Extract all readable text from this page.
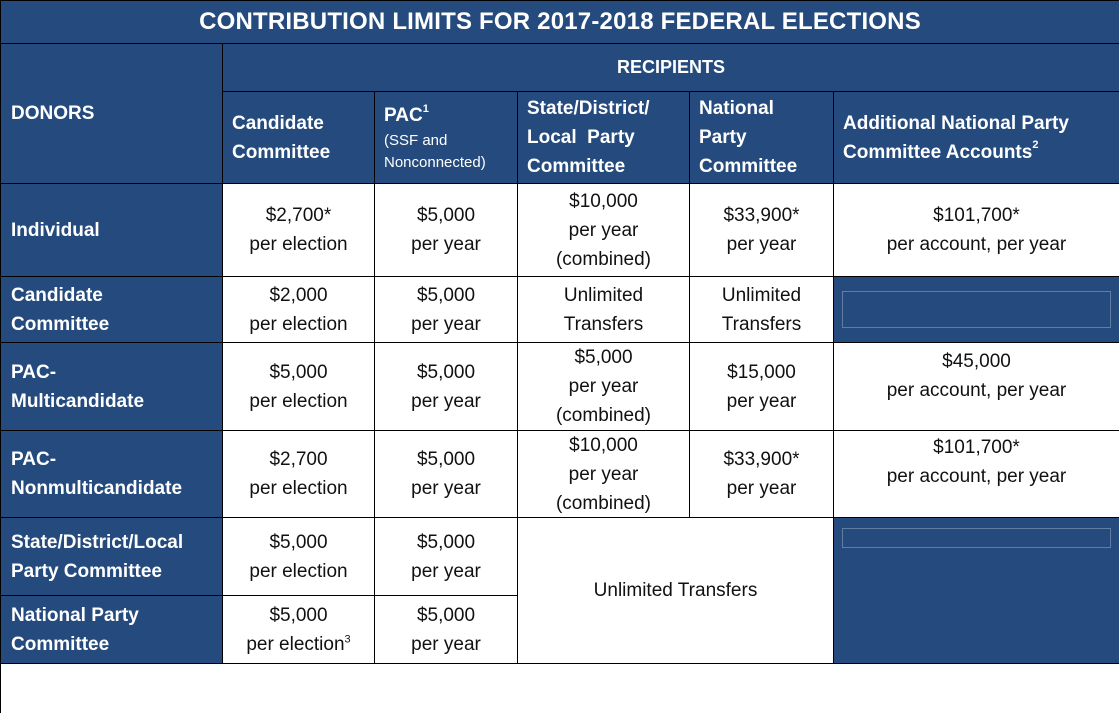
CONTRIBUTION LIMITS FOR 2017-2018 FEDERAL ELECTIONS
DONORS
RECIPIENTS
Candidate
Committee
PAC$^1$
(SSF and
Nonconnected)
State/District/
Local  Party
Committee
National
Party
Committee
Additional National Party
Committee Accounts$^2$
Individual
$2,700*
per election
$5,000
per year
$10,000
per year
(combined)
$33,900*
per year
$101,700*
per account, per year
Candidate
Committee
$2,000
per election
$5,000
per year
Unlimited
Transfers
Unlimited
Transfers
PAC-
Multicandidate
$5,000
per election
$5,000
per year
$5,000
per year
(combined)
$15,000
per year
$45,000
per account, per year
PAC-
Nonmulticandidate
$2,700
per election
$5,000
per year
$10,000
per year
(combined)
$33,900*
per year
$101,700*
per account, per year
State/District/Local
Party Committee
$5,000
per election
$5,000
per year
Unlimited Transfers
National Party
Committee
$5,000
per election$^3$
$5,000
per year
